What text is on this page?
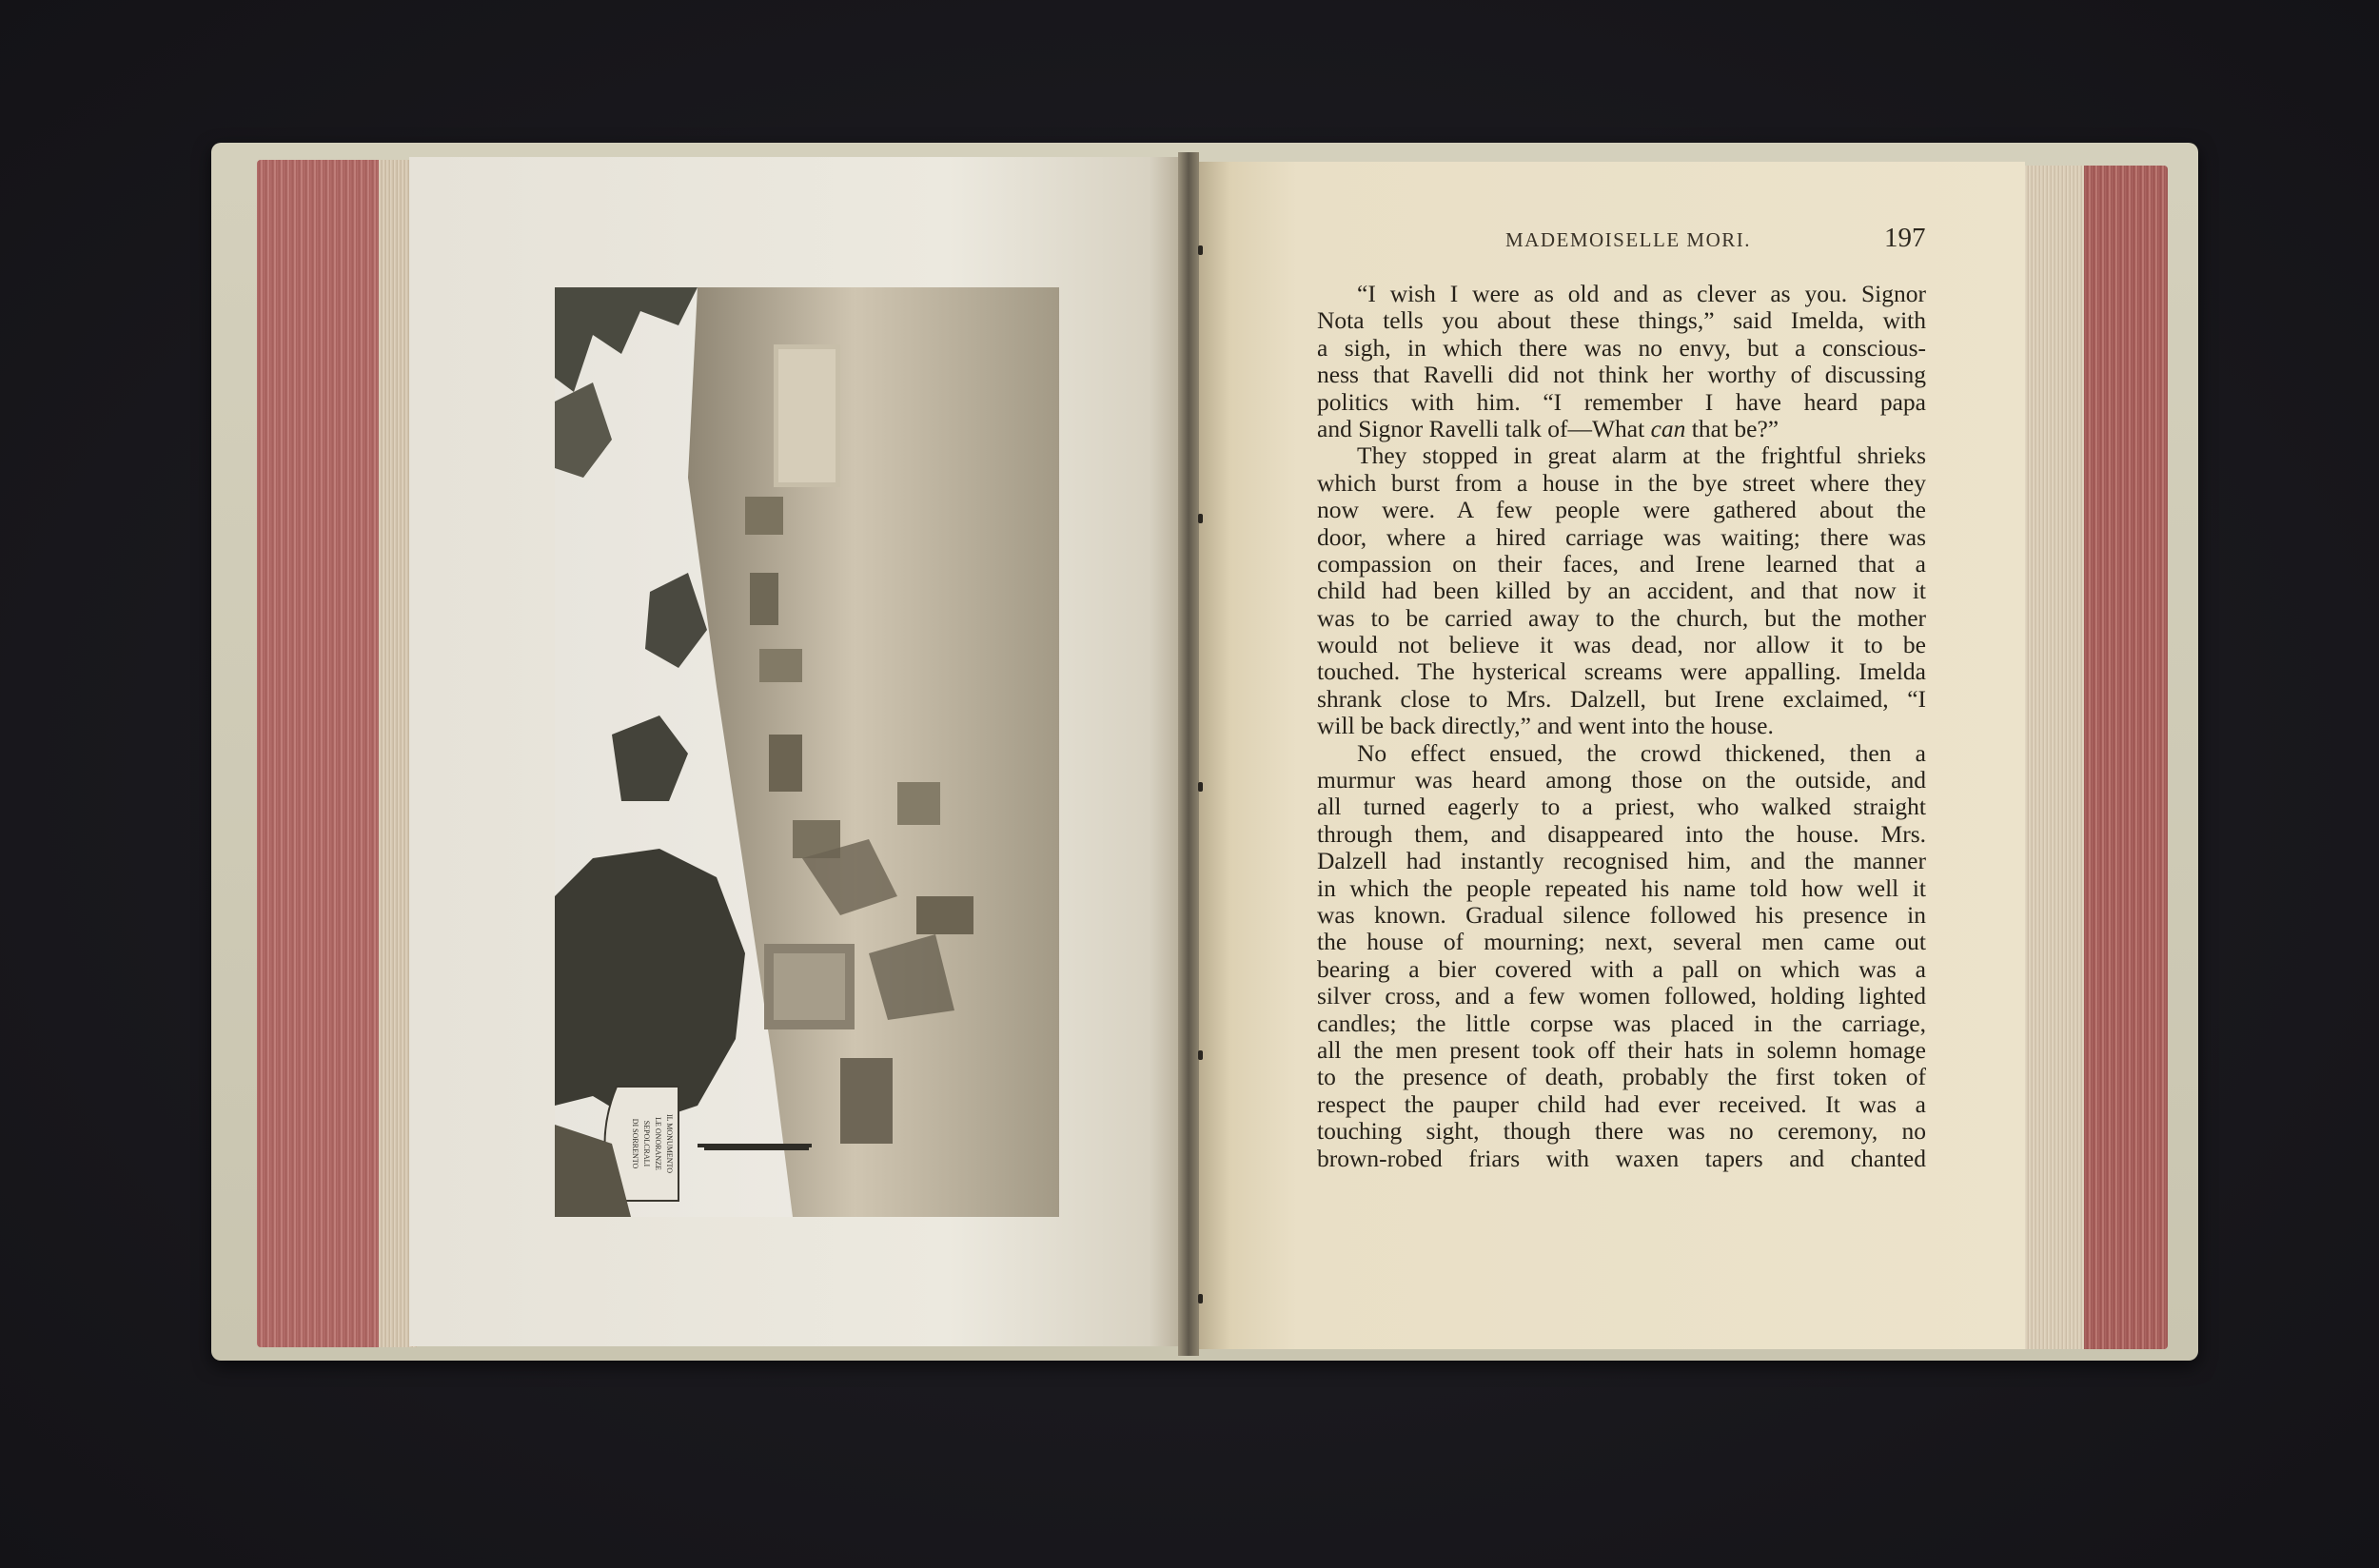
IL MONUMENTO
LE ONORANZE
SEPOLCRALI
DI SORRENTO
MADEMOISELLE MORI.	197
“I wish I were as old and as clever as you. Signor
Nota tells you about these things,” said Imelda, with
a sigh, in which there was no envy, but a conscious-
ness that Ravelli did not think her worthy of discussing
politics with him. “I remember I have heard papa
and Signor Ravelli talk of—What can that be?”
They stopped in great alarm at the frightful shrieks
which burst from a house in the bye street where they
now were. A few people were gathered about the
door, where a hired carriage was waiting; there was
compassion on their faces, and Irene learned that a
child had been killed by an accident, and that now it
was to be carried away to the church, but the mother
would not believe it was dead, nor allow it to be
touched. The hysterical screams were appalling. Imelda
shrank close to Mrs. Dalzell, but Irene exclaimed, “I
will be back directly,” and went into the house.
No effect ensued, the crowd thickened, then a
murmur was heard among those on the outside, and
all turned eagerly to a priest, who walked straight
through them, and disappeared into the house. Mrs.
Dalzell had instantly recognised him, and the manner
in which the people repeated his name told how well it
was known. Gradual silence followed his presence in
the house of mourning; next, several men came out
bearing a bier covered with a pall on which was a
silver cross, and a few women followed, holding lighted
candles; the little corpse was placed in the carriage,
all the men present took off their hats in solemn homage
to the presence of death, probably the first token of
respect the pauper child had ever received. It was a
touching sight, though there was no ceremony, no
brown-robed friars with waxen tapers and chanted
